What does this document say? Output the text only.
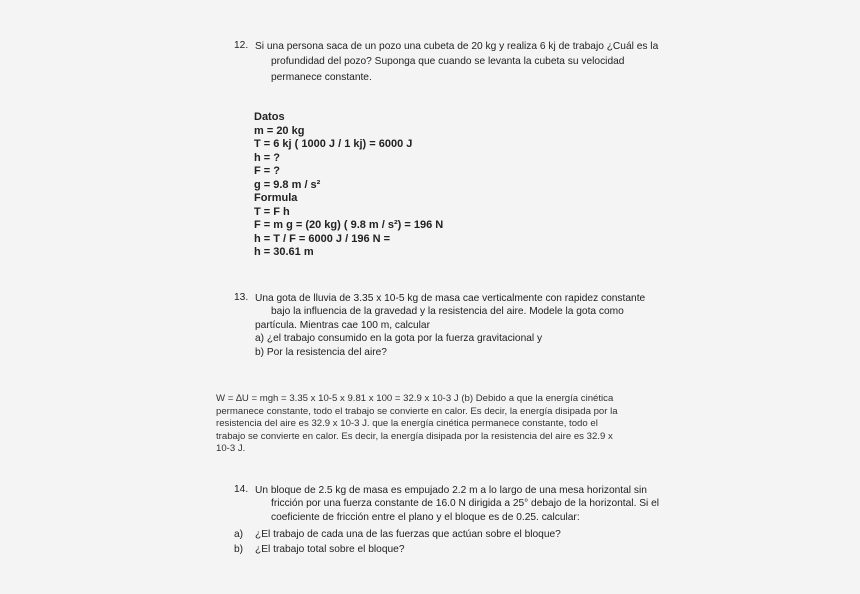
12. Si una persona saca de un pozo una cubeta de 20 kg y realiza 6 kj de trabajo ¿Cuál es la
profundidad del pozo? Suponga que cuando se levanta la cubeta su velocidad
permanece constante.
Datos
m = 20 kg
T = 6 kj ( 1000 J / 1 kj) = 6000 J
h = ?
F = ?
g = 9.8 m / s²
Formula
T = F h
F = m g = (20 kg) ( 9.8 m / s²) = 196 N
h = T / F = 6000 J / 196 N =
h = 30.61 m
13. Una gota de lluvia de 3.35 x 10-5 kg de masa cae verticalmente con rapidez constante
bajo la influencia de la gravedad y la resistencia del aire. Modele la gota como
partícula. Mientras cae 100 m, calcular
a) ¿el trabajo consumido en la gota por la fuerza gravitacional y
b) Por la resistencia del aire?
W = ∆U = mgh = 3.35 x 10-5 x 9.81 x 100 = 32.9 x 10-3 J (b) Debido a que la energía cinética
permanece constante, todo el trabajo se convierte en calor. Es decir, la energía disipada por la
resistencia del aire es 32.9 x 10-3 J. que la energía cinética permanece constante, todo el
trabajo se convierte en calor. Es decir, la energía disipada por la resistencia del aire es 32.9 x
10-3 J.
14. Un bloque de 2.5 kg de masa es empujado 2.2 m a lo largo de una mesa horizontal sin
fricción por una fuerza constante de 16.0 N dirigida a 25° debajo de la horizontal. Si el
coeficiente de fricción entre el plano y el bloque es de 0.25. calcular:
a) ¿El trabajo de cada una de las fuerzas que actúan sobre el bloque?
b) ¿El trabajo total sobre el bloque?
